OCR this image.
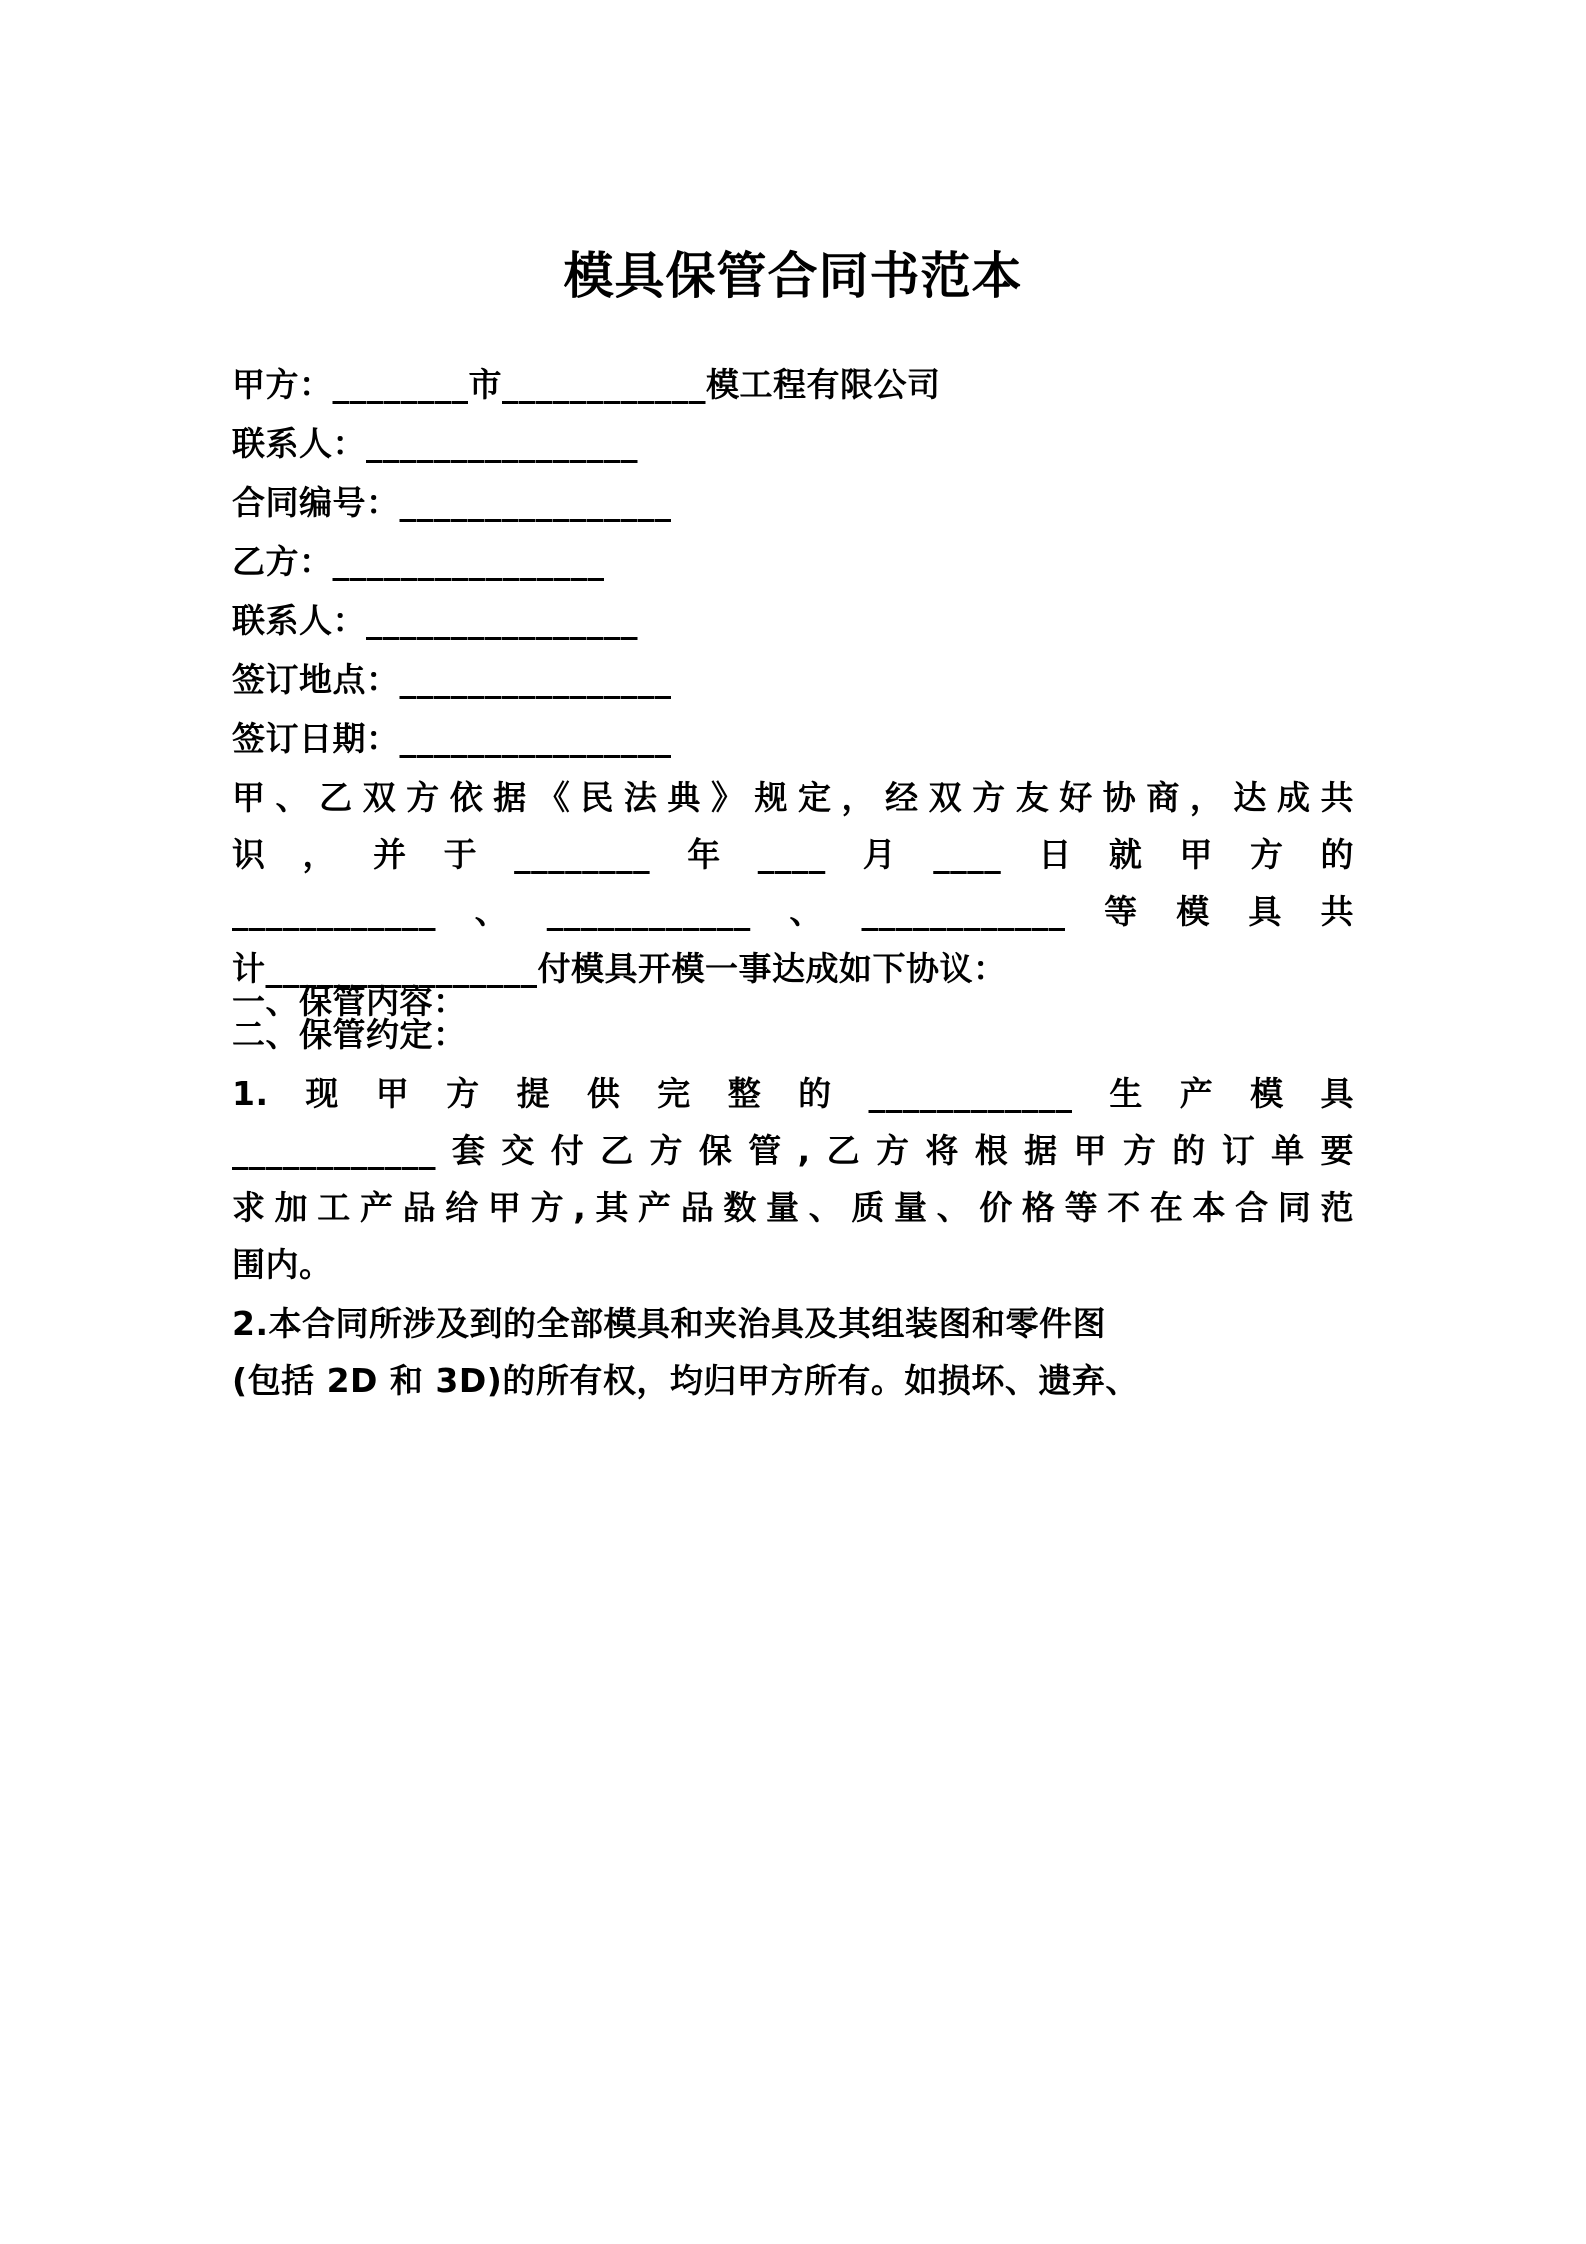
模具保管合同书范本

甲方：________市____________模工程有限公司

联系人：________________

合同编号：________________

乙方：________________

联系人：________________

签订地点：________________

签订日期：________________

甲、乙双方依据《民法典》规定，经双方友好协商，达成共

识，并于________年____月____日就甲方的

____________、____________、____________等模具共

计________________付模具开模一事达成如下协议：

一、保管内容：

二、保管约定：

1.现甲方提供完整的____________生产模具

____________套交付乙方保管,乙方将根据甲方的订单要

求加工产品给甲方,其产品数量、质量、价格等不在本合同范

围内。

2.本合同所涉及到的全部模具和夹治具及其组装图和零件图

(包括 2D 和 3D)的所有权，均归甲方所有。如损坏、遗弃、
